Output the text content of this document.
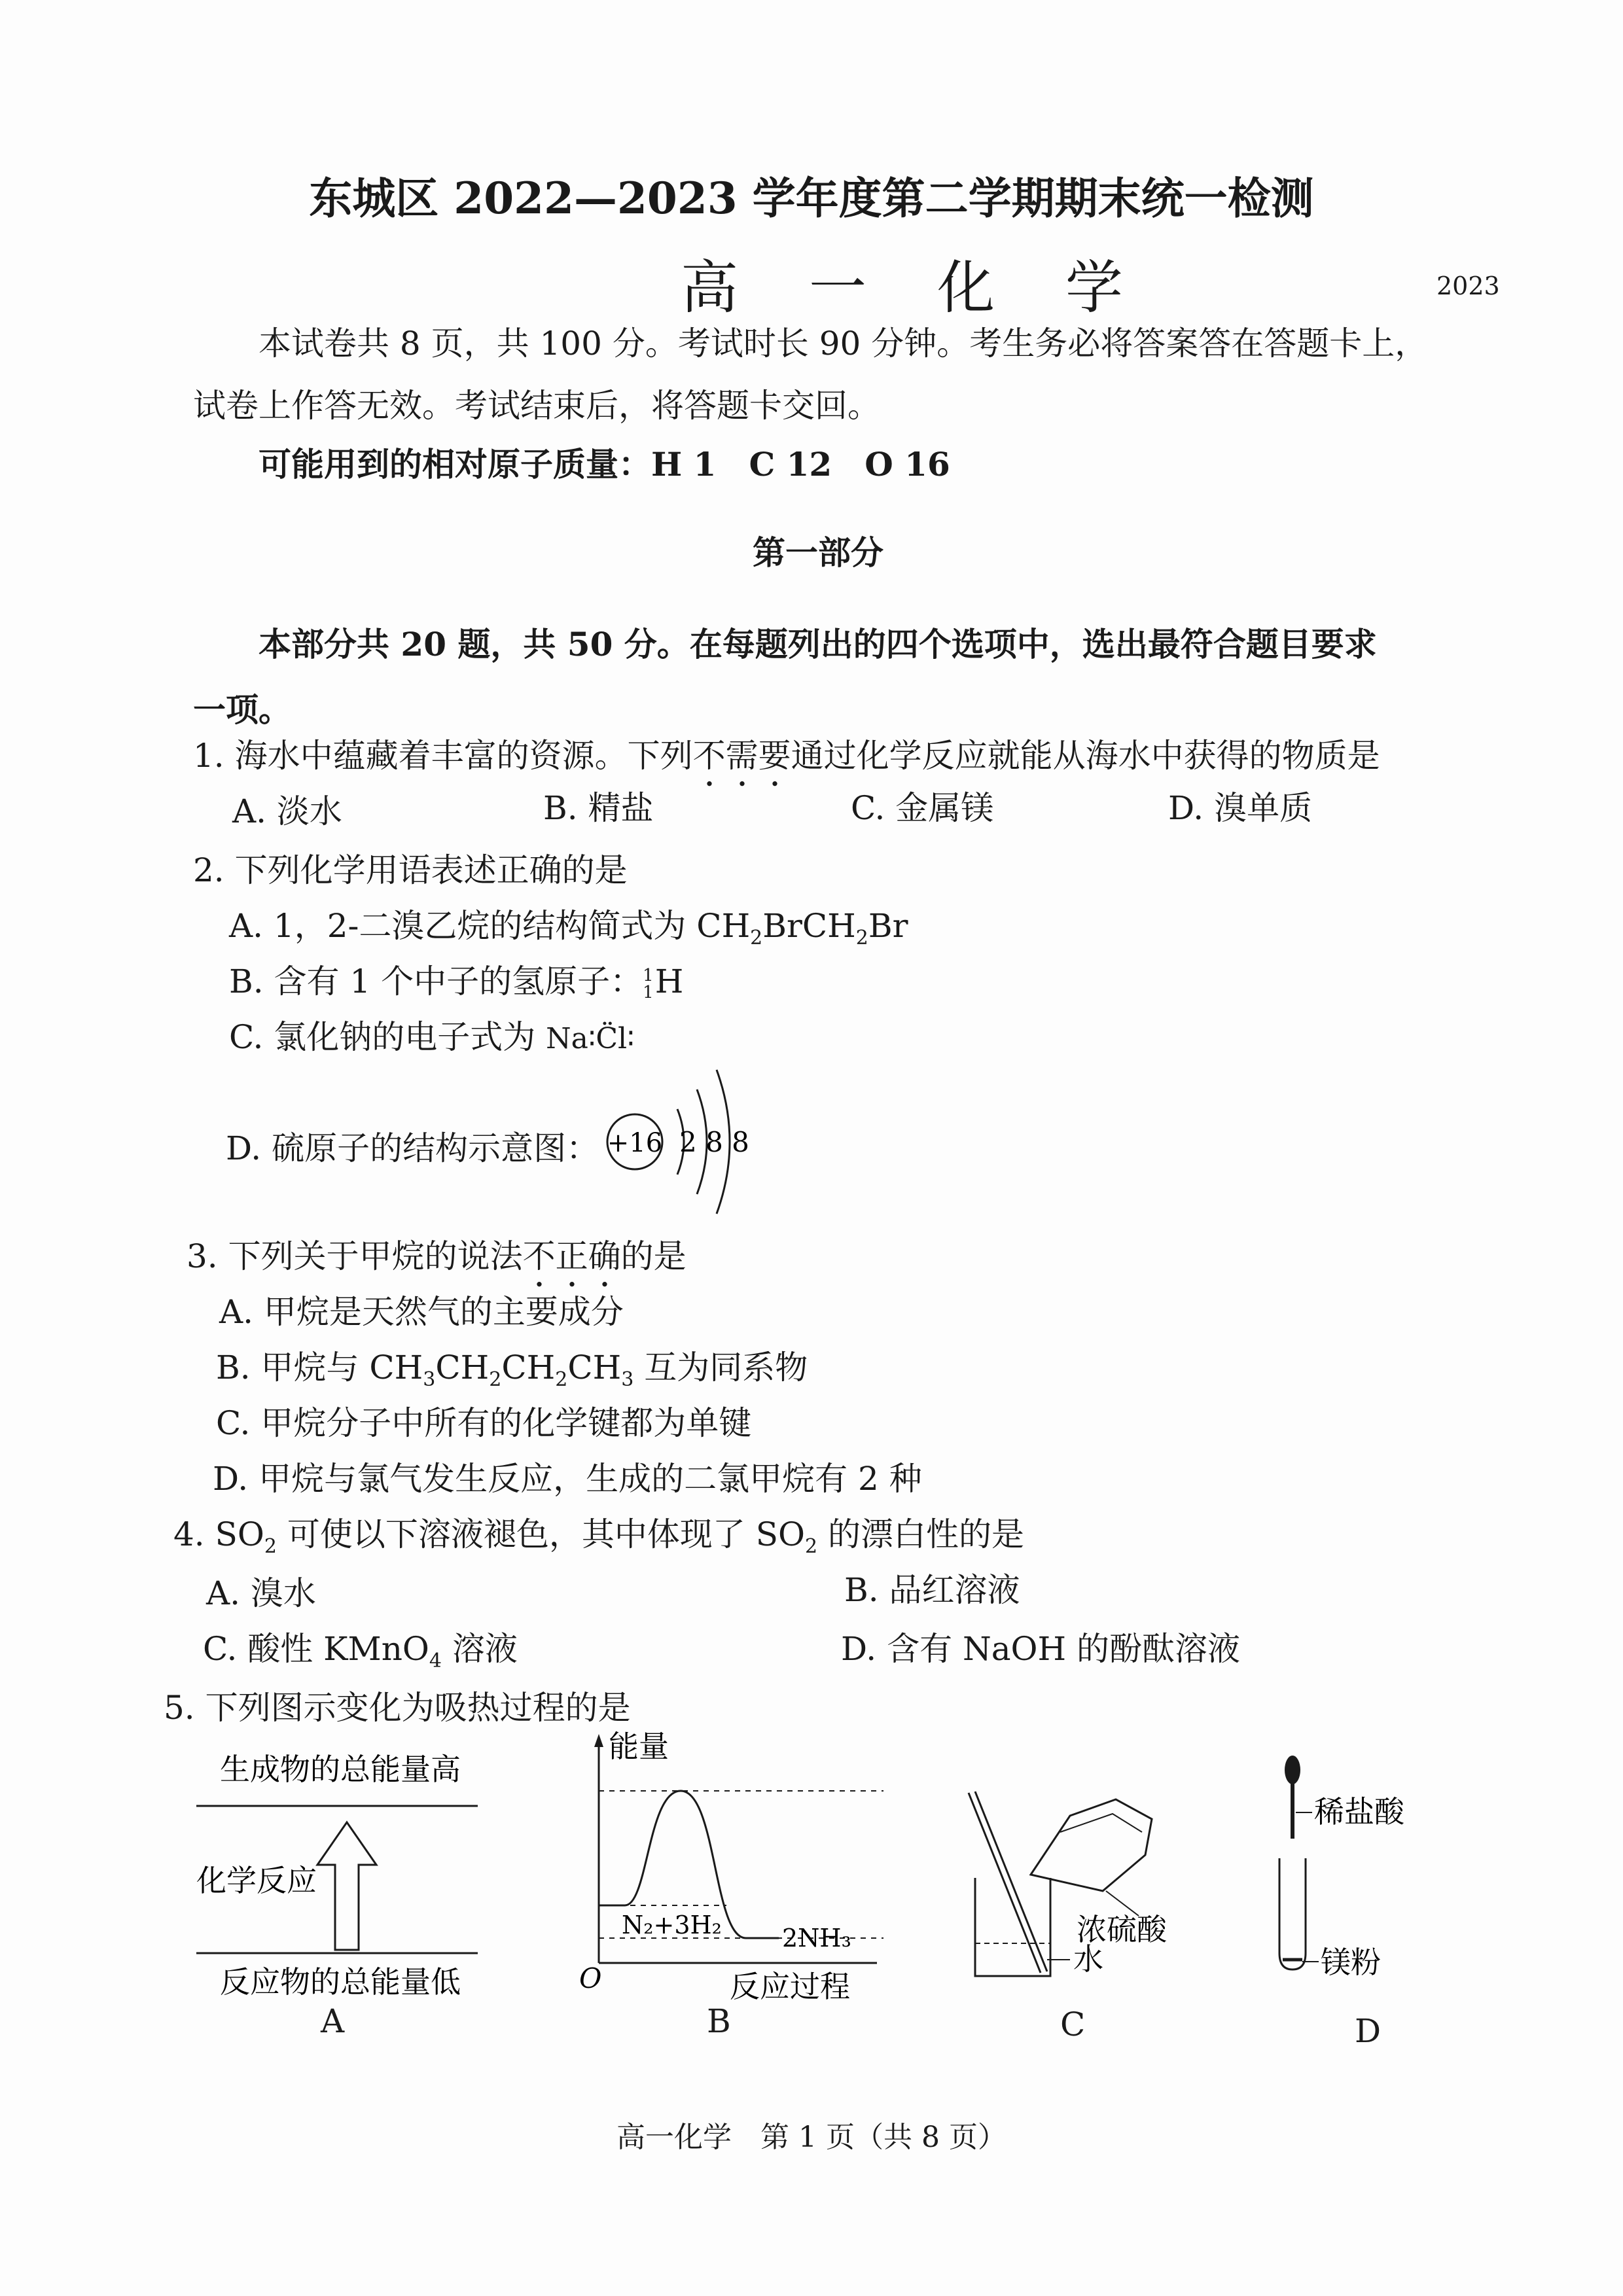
东城区 2022—2023 学年度第二学期期末统一检测
高 一 化 学	2023
本试卷共 8 页，共 100 分。考试时长 90 分钟。考生务必将答案答在答题卡上，
试卷上作答无效。考试结束后，将答题卡交回。
可能用到的相对原子质量：H 1　C 12　O 16
第一部分
本部分共 20 题，共 50 分。在每题列出的四个选项中，选出最符合题目要求
一项。
1. 海水中蕴藏着丰富的资源。下列不需要通过化学反应就能从海水中获得的物质是
A. 淡水	B. 精盐	C. 金属镁	D. 溴单质
2. 下列化学用语表述正确的是
A. 1，2-二溴乙烷的结构简式为 $CH_2BrCH_2Br$
B. 含有 1 个中子的氢原子： 1
1 H
C. 氯化钠的电子式为 Na∶C̈l∶
D. 硫原子的结构示意图： +16 2 8 8
3. 下列关于甲烷的说法不正确的是
A. 甲烷是天然气的主要成分
B. 甲烷与 $CH_3CH_2CH_2CH_3$ 互为同系物
C. 甲烷分子中所有的化学键都为单键
D. 甲烷与氯气发生反应，生成的二氯甲烷有 2 种
4. $SO_2$ 可使以下溶液褪色，其中体现了 $SO_2$ 的漂白性的是
A. 溴水	B. 品红溶液
C. 酸性 KMnO$_4$ 溶液	D. 含有 NaOH 的酚酞溶液
5. 下列图示变化为吸热过程的是
生成物的总能量高
化学反应
反应物的总能量低
A
能量
N₂+3H₂ 2NH₃
O	反应过程
B
浓硫酸
水
C
稀盐酸
镁粉
D
高一化学　第 1 页（共 8 页）
